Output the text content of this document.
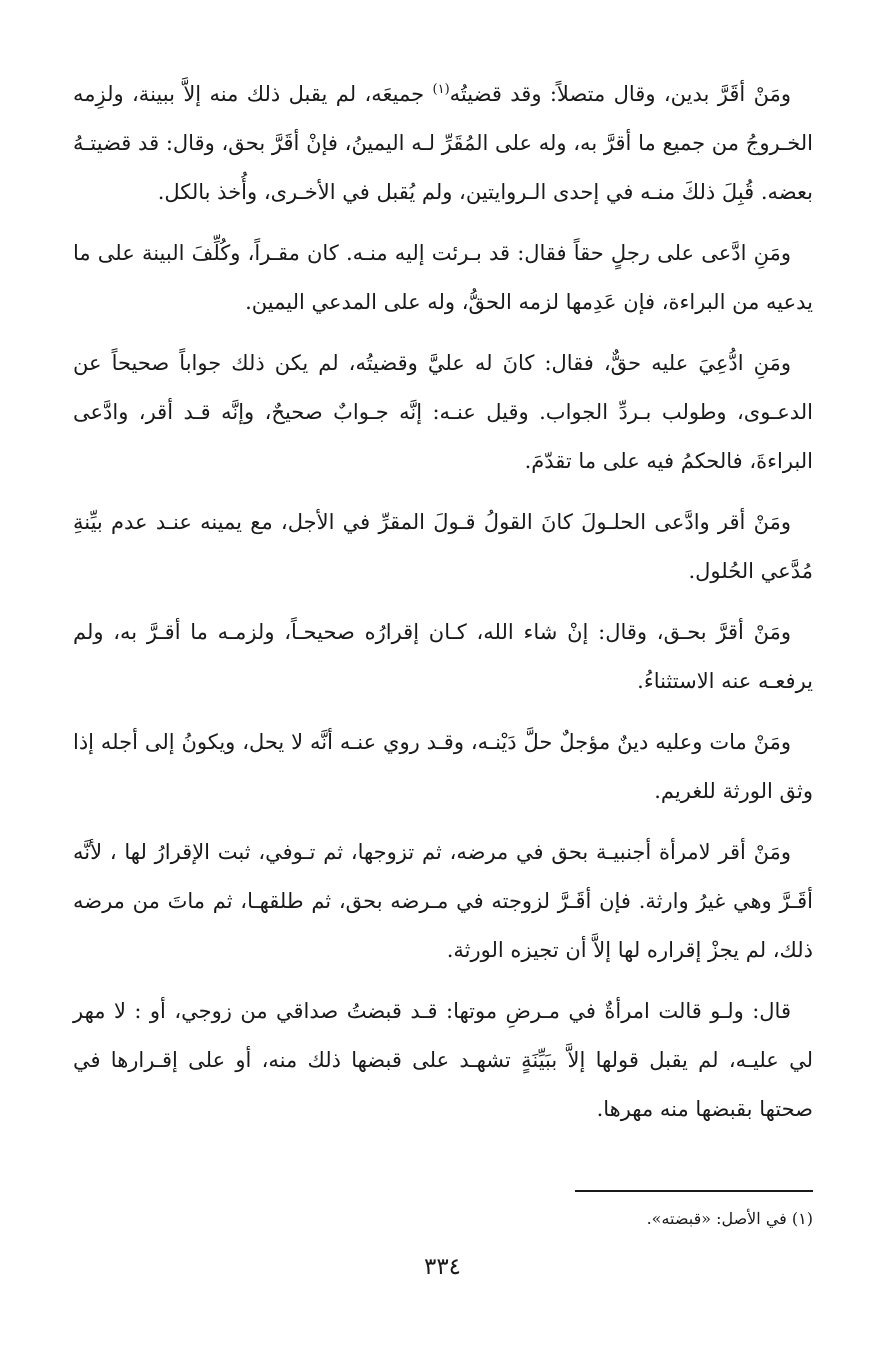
ومَنْ أقَرَّ بدين، وقال متصلاً: وقد قضيتُه$^{(١)}$ جميعَه، لم يقبل ذلك منه إلاَّ ببينة، ولزِمه الخـروجُ من جميع ما أقرَّ به، وله على المُقَرِّ لـه اليمينُ، فإنْ أقَرَّ بحق، وقال: قد قضيتـهُ بعضه. قُبِلَ ذلكَ منـه في إحدى الـروايتين، ولم يُقبل في الأخـرى، وأُخذ بالكل.

ومَنِ ادَّعى على رجلٍ حقاً فقال: قد بـرئت إليه منـه. كان مقـراً، وكُلِّفَ البينة على ما يدعيه من البراءة، فإن عَدِمها لزمه الحقُّ، وله على المدعي اليمين.

ومَنِ ادُّعِيَ عليه حقٌّ، فقال: كانَ له عليَّ وقضيتُه، لم يكن ذلك جواباً صحيحاً عن الدعـوى، وطولب بـردِّ الجواب. وقيل عنـه: إنَّه جـوابٌ صحيحٌ، وإنَّه قـد أقر، وادَّعى البراءةَ، فالحكمُ فيه على ما تقدّمَ.

ومَنْ أقر وادَّعى الحلـولَ كانَ القولُ قـولَ المقرِّ في الأجل، مع يمينه عنـد عدم بيِّنةِ مُدَّعي الحُلول.

ومَنْ أقرَّ بحـق، وقال: إنْ شاء الله، كـان إقرارُه صحيحـاً، ولزمـه ما أقـرَّ به، ولم يرفعـه عنه الاستثناءُ.

ومَنْ مات وعليه دينٌ مؤجلٌ حلَّ دَيْنـه، وقـد روي عنـه أنَّه لا يحل، ويكونُ إلى أجله إذا وثق الورثة للغريم.

ومَنْ أقر لامرأة أجنبيـة بحق في مرضه، ثم تزوجها، ثم تـوفي، ثبت الإقرارُ لها ، لأنَّه أقَـرَّ وهي غيرُ وارثة. فإن أقَـرَّ لزوجته في مـرضه بحق، ثم طلقهـا، ثم ماتَ من مرضه ذلك، لم يجزْ إقراره لها إلاَّ أن تجيزه الورثة.

قال: ولـو قالت امرأةٌ في مـرضِ موتها: قـد قبضتُ صداقي من زوجي، أو : لا مهر لي عليـه، لم يقبل قولها إلاَّ ببَيِّنَةٍ تشهـد على قبضها ذلك منه، أو على إقـرارها في صحتها بقبضها منه مهرها.

(١) في الأصل: «قبضته».
٣٣٤
